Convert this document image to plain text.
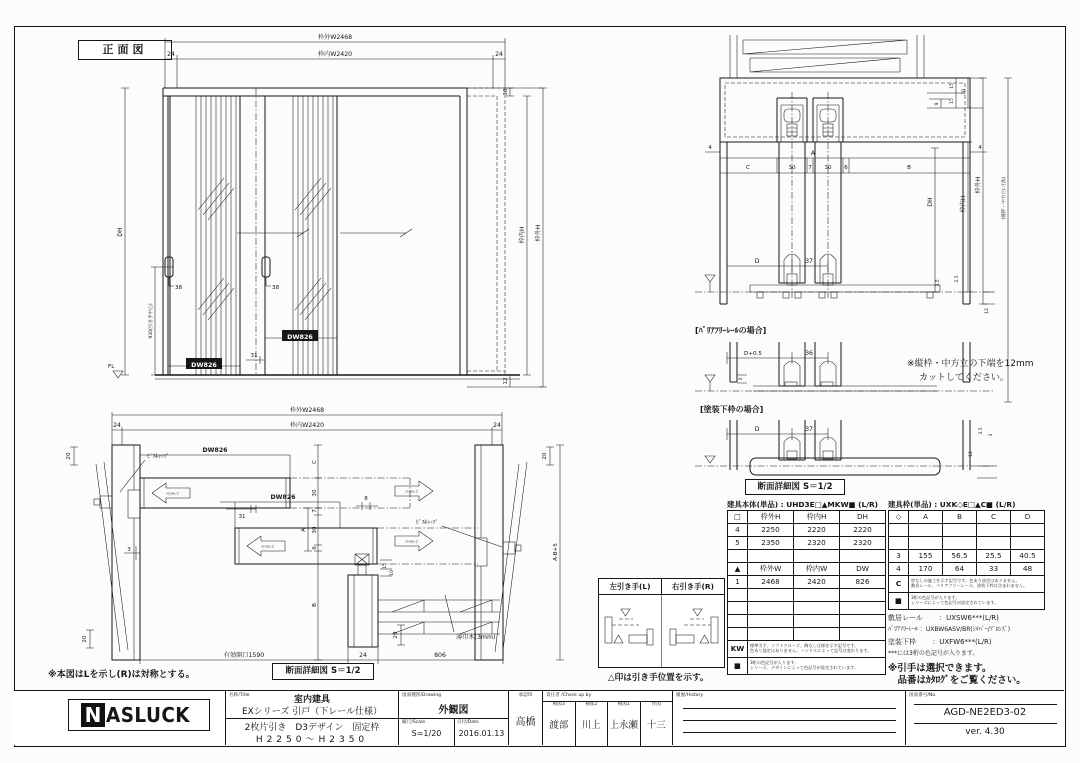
正面図
枠外W2468
24	枠内W2420	24
38	38
DW826
31
DW826
DH
930(引き手中心)
FL
30
枠内H 枠外H
12
枠外W2468
24	枠内W2420	24
20
20
20
20
ｿﾌﾄｸﾛｰｽﾞ
DW826
ｿﾌﾄｸﾛｰｽﾞ
DW826
31
8
ｿﾌﾄｸﾛｰｽﾞ
ｿﾌﾄｸﾛｰｽﾞ
ﾋﾞｽｷｬｯﾌﾟ
ﾋﾞｽｷｬｯﾌﾟ
15
10
薄巾木(3mm)
C
30
7
30
6
B
A
A-B+5
3
有効開口1590	24	806
※本図はLを示し(R)は対称とする。	断面詳細図 S＝1/2
4	4
C	30 7 30 6	B
A
D	37
15
15
9
30
DH	枠内H
枠外H	(縦枠・中方立L寸法)
3.5
2.5
12
[ﾊﾞﾘｱﾌﾘｰﾚｰﾙの場合]
D+0.5	36
3
※縦枠・中方立の下端を12mm
カットしてください。
[塗装下枠の場合]
D	37	3.5
3
12
断面詳細図 S＝1/2
左引き手(L)	右引き手(R)
△印は引き手位置を示す。
建具本体(単品) : UHD3E□▲MKW■ (L/R)
□	枠外H	枠内H	DH
4	2250	2220	2220
5	2350	2320	2320
▲	枠外W	枠内W	DW
1	2468	2420	826
KW	標準引手、ソフトクローズ、飾なし仕様を示す記号です。
色あり設定はありません。ハンドルによって記号は変わります。
■	3桁の色記号が入ります。
シリーズ、デザインによって色記号が設定されています。
建具枠(単品) : UXK◇E□▲C■ (L/R)
◇	A	B	C	D
3	155	56.5	25.5	40.5
4	170	64	33	48
C	枠なしの施工を示す記号です。色あり設定はありません。
敷居レール、バリアフリーレール、塗装下枠は含まれません。
■	3桁の色記号が入ります。
シリーズによって色記号が設定されています。
敷居レール　　 ：UXSW6***(L/R)
ﾊﾞﾘｱﾌﾘｰﾚｰﾙ ：UXBW6ASV/BR(ｼﾙﾊﾞｰ/ﾌﾞﾛﾝｽﾞ)
塗装下枠　　 ：UXFW6***(L/R)
***には3桁の色記号が入ります。
※引手は選択できます。
　品番はｶﾀﾛｸﾞをご覧ください。
N ASLUCK
名称/Title	室内建具
EXシリーズ 引戸（下レール仕様）
2枚片引き　D3デザイン　固定枠
H2250～H2350
図面種別/Drawing
外観図
縮尺/Scale
S=1/20
日付/Date
2016.01.13
承認印
高橋
責任者 /Check up by
検図3
渡部
検図2
川上
検図1
上永瀬
作図
十三
履歴/History	図面番号/No.
AGD-NE2ED3-02
ver. 4.30
